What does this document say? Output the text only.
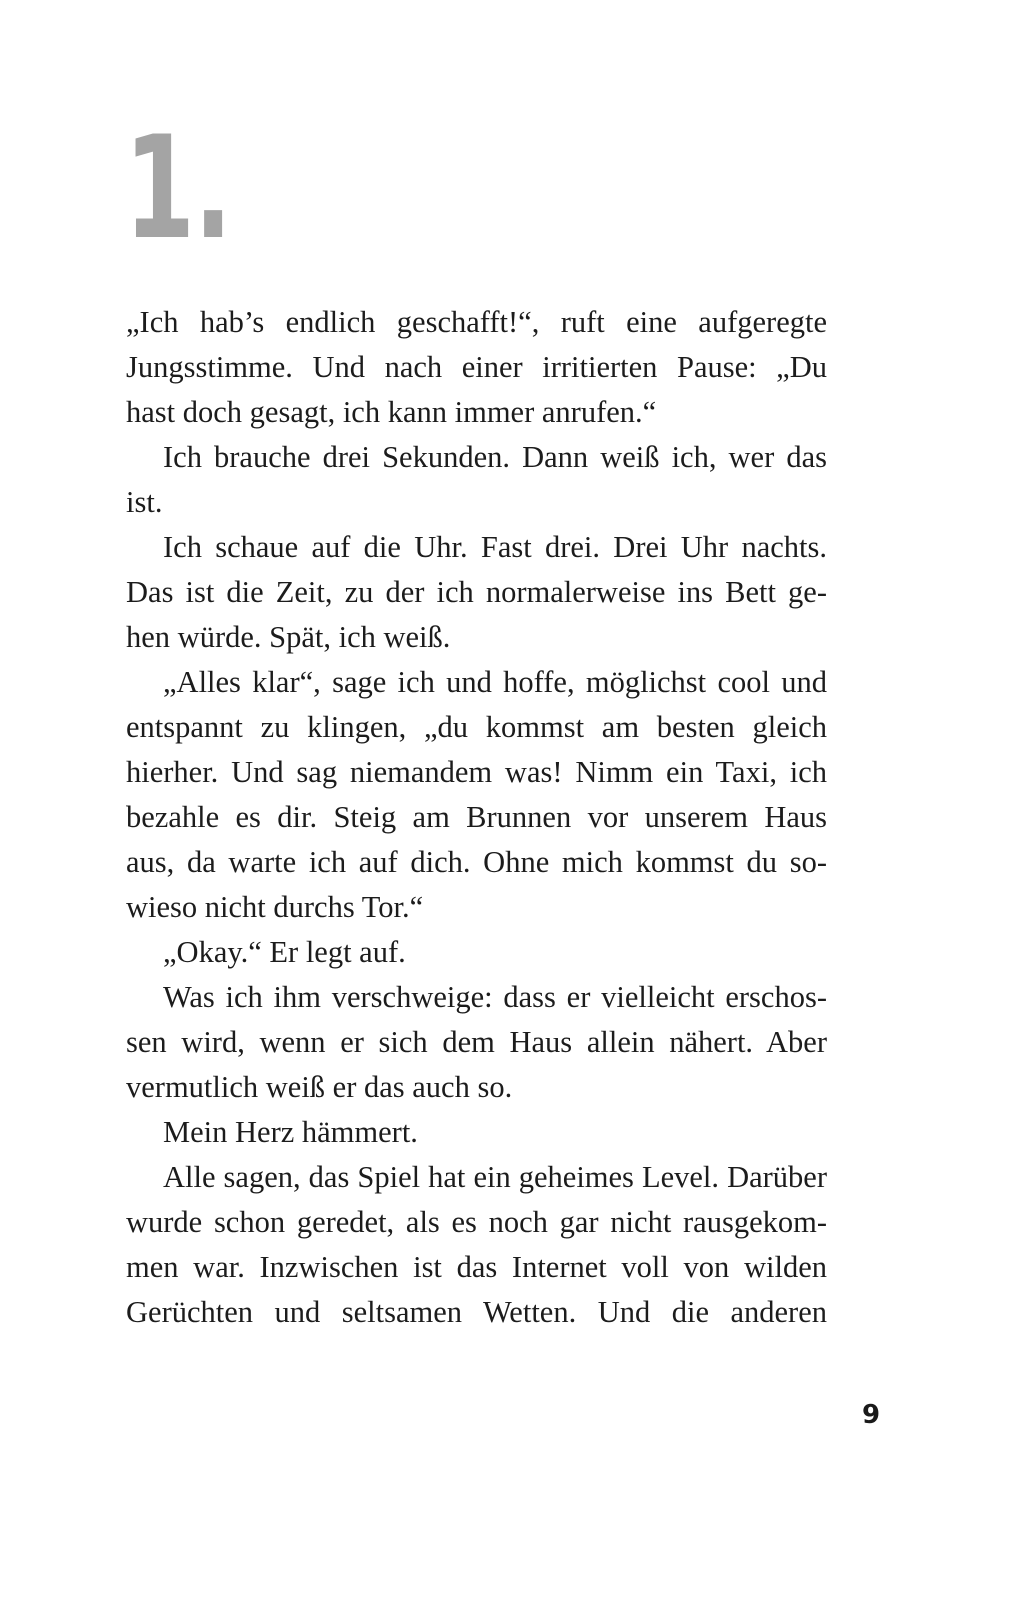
1.

„Ich hab’s endlich geschafft!“, ruft eine aufgeregte
Jungsstimme. Und nach einer irritierten Pause: „Du
hast doch gesagt, ich kann immer anrufen.“

Ich brauche drei Sekunden. Dann weiß ich, wer das
ist.

Ich schaue auf die Uhr. Fast drei. Drei Uhr nachts.
Das ist die Zeit, zu der ich normalerweise ins Bett ge-
hen würde. Spät, ich weiß.

„Alles klar“, sage ich und hoffe, möglichst cool und
entspannt zu klingen, „du kommst am besten gleich
hierher. Und sag niemandem was! Nimm ein Taxi, ich
bezahle es dir. Steig am Brunnen vor unserem Haus
aus, da warte ich auf dich. Ohne mich kommst du so-
wieso nicht durchs Tor.“

„Okay.“ Er legt auf.

Was ich ihm verschweige: dass er vielleicht erschos-
sen wird, wenn er sich dem Haus allein nähert. Aber
vermutlich weiß er das auch so.

Mein Herz hämmert.

Alle sagen, das Spiel hat ein geheimes Level. Darüber
wurde schon geredet, als es noch gar nicht rausgekom-
men war. Inzwischen ist das Internet voll von wilden
Gerüchten und seltsamen Wetten. Und die anderen

9
